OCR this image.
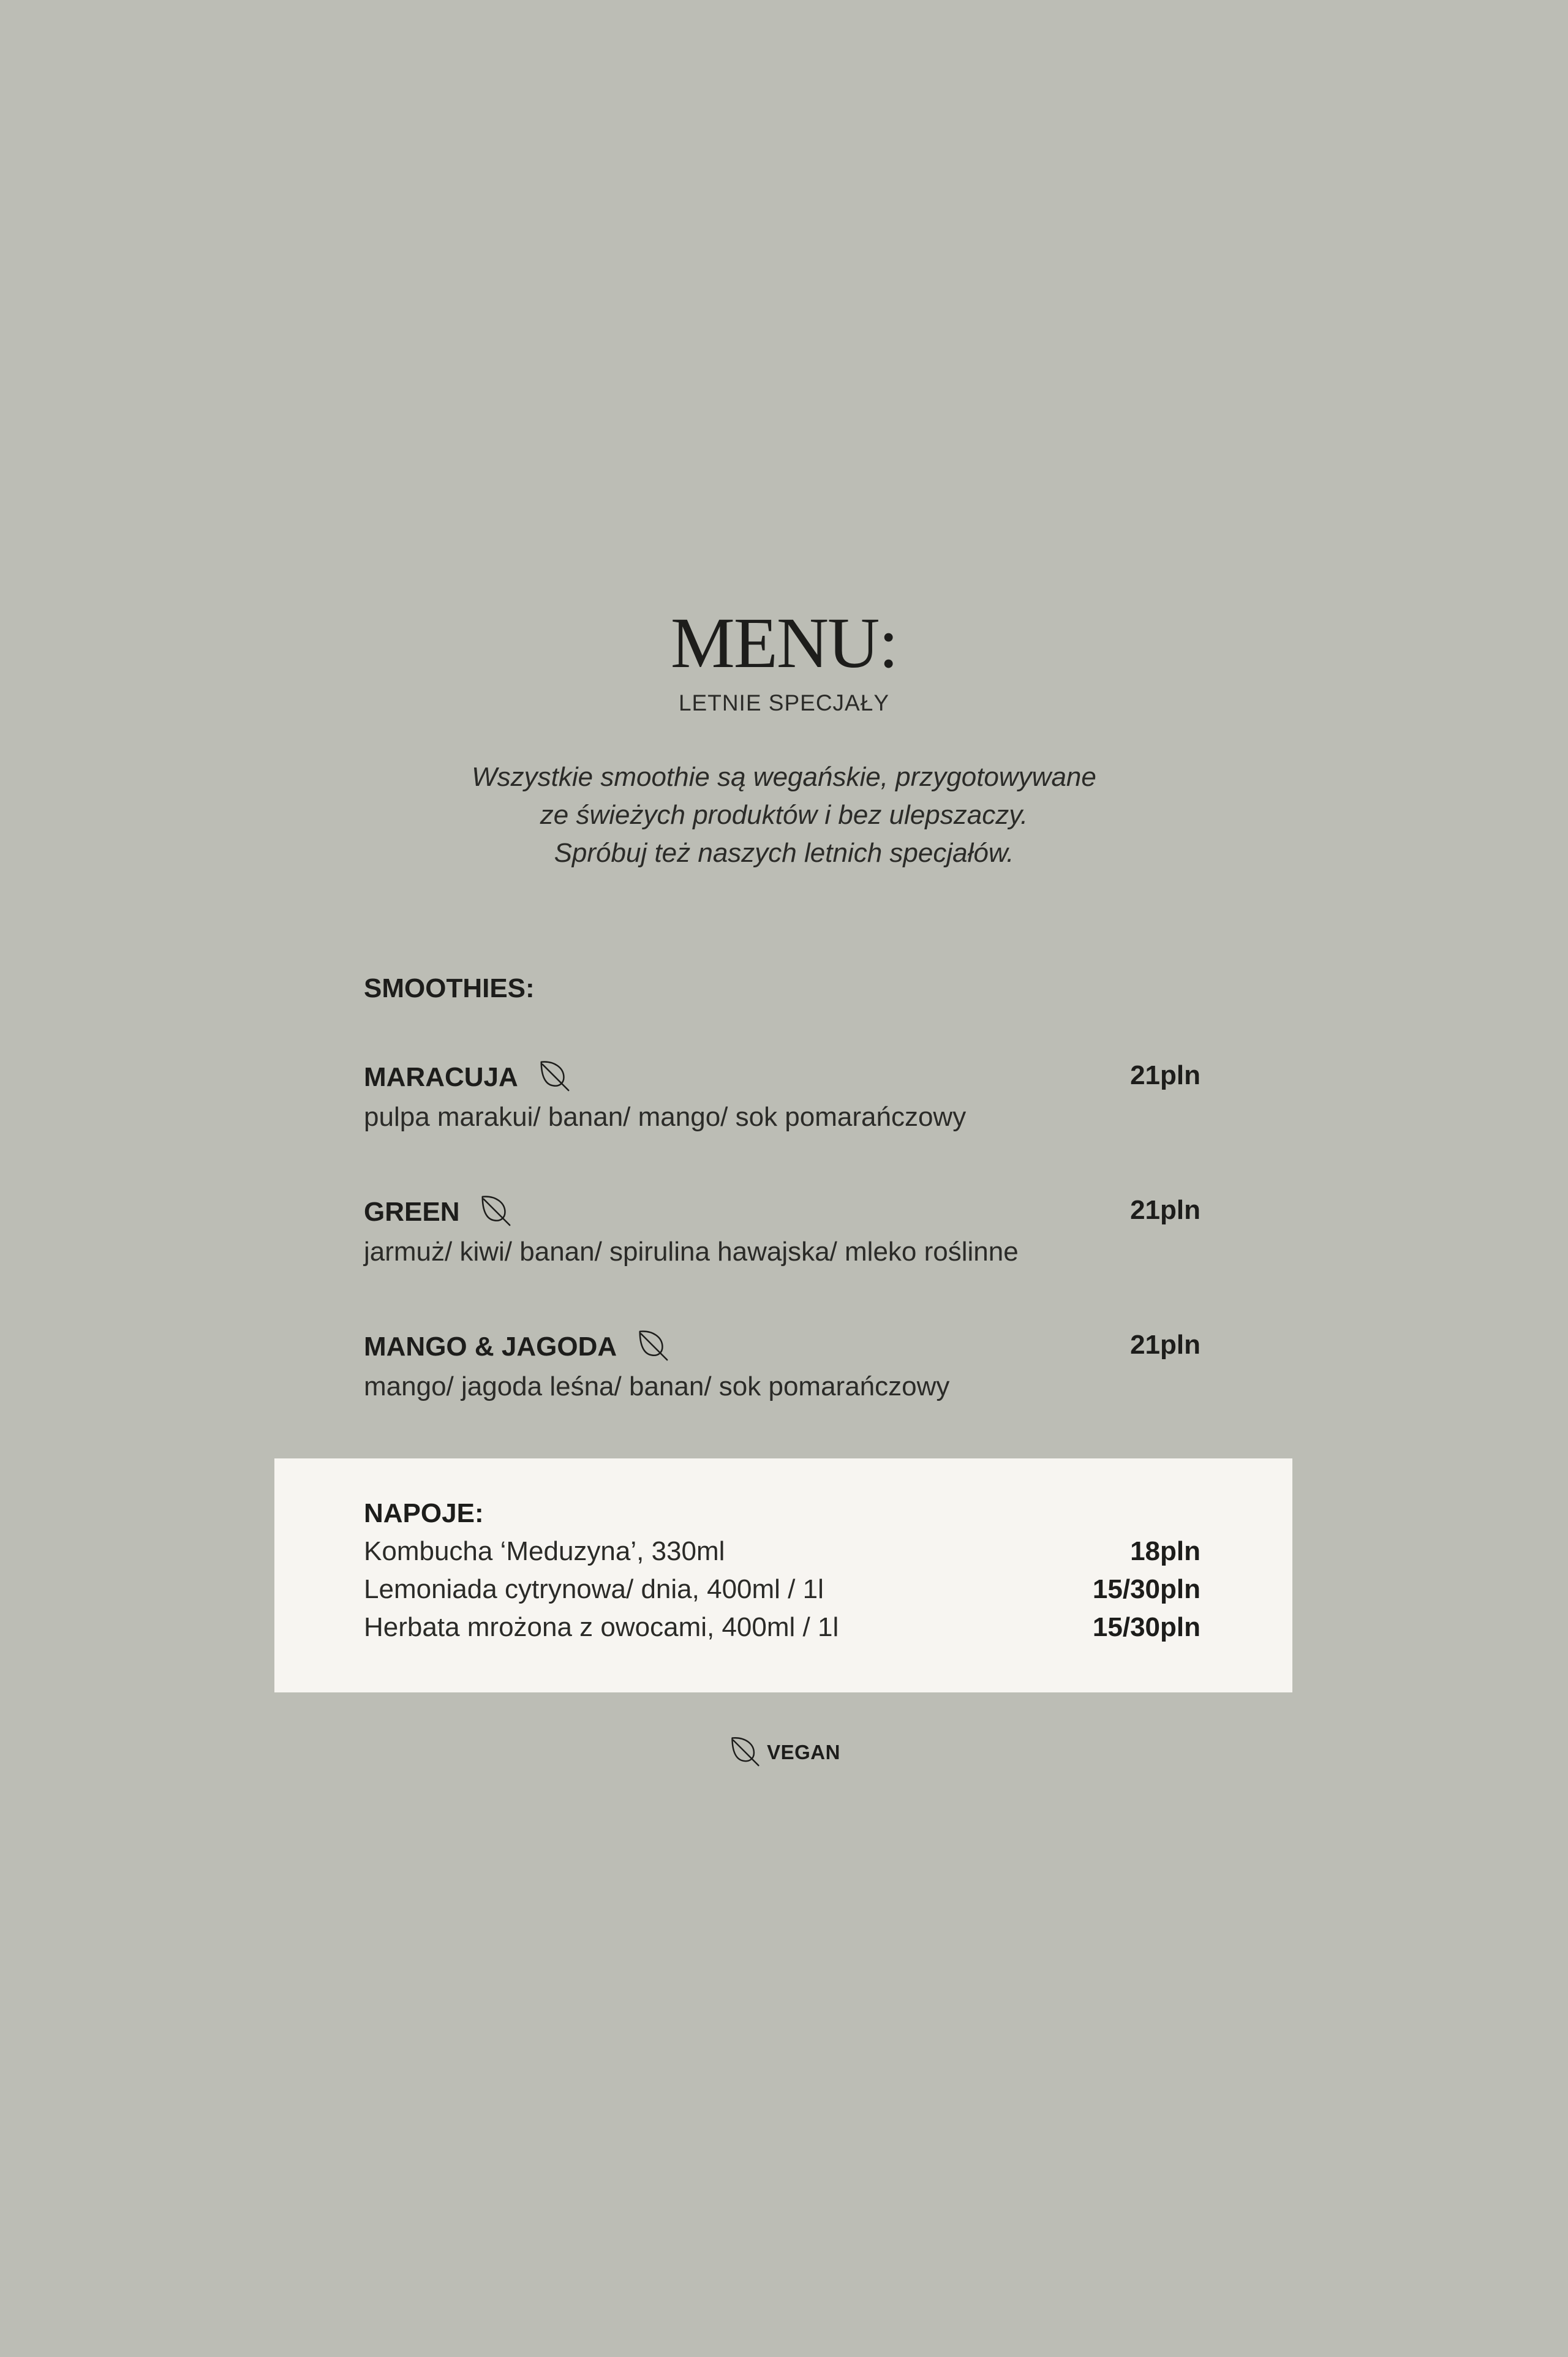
MENU:
LETNIE SPECJAŁY
Wszystkie smoothie są wegańskie, przygotowywane
ze świeżych produktów i bez ulepszaczy.
Spróbuj też naszych letnich specjałów.
SMOOTHIES:
MARACUJA	21pln
pulpa marakui/ banan/ mango/ sok pomarańczowy
GREEN	21pln
jarmuż/ kiwi/ banan/ spirulina hawajska/ mleko roślinne
MANGO & JAGODA	21pln
mango/ jagoda leśna/ banan/ sok pomarańczowy
NAPOJE:
Kombucha ‘Meduzyna’, 330ml	18pln
Lemoniada cytrynowa/ dnia, 400ml / 1l	15/30pln
Herbata mrożona z owocami, 400ml / 1l	15/30pln
VEGAN
